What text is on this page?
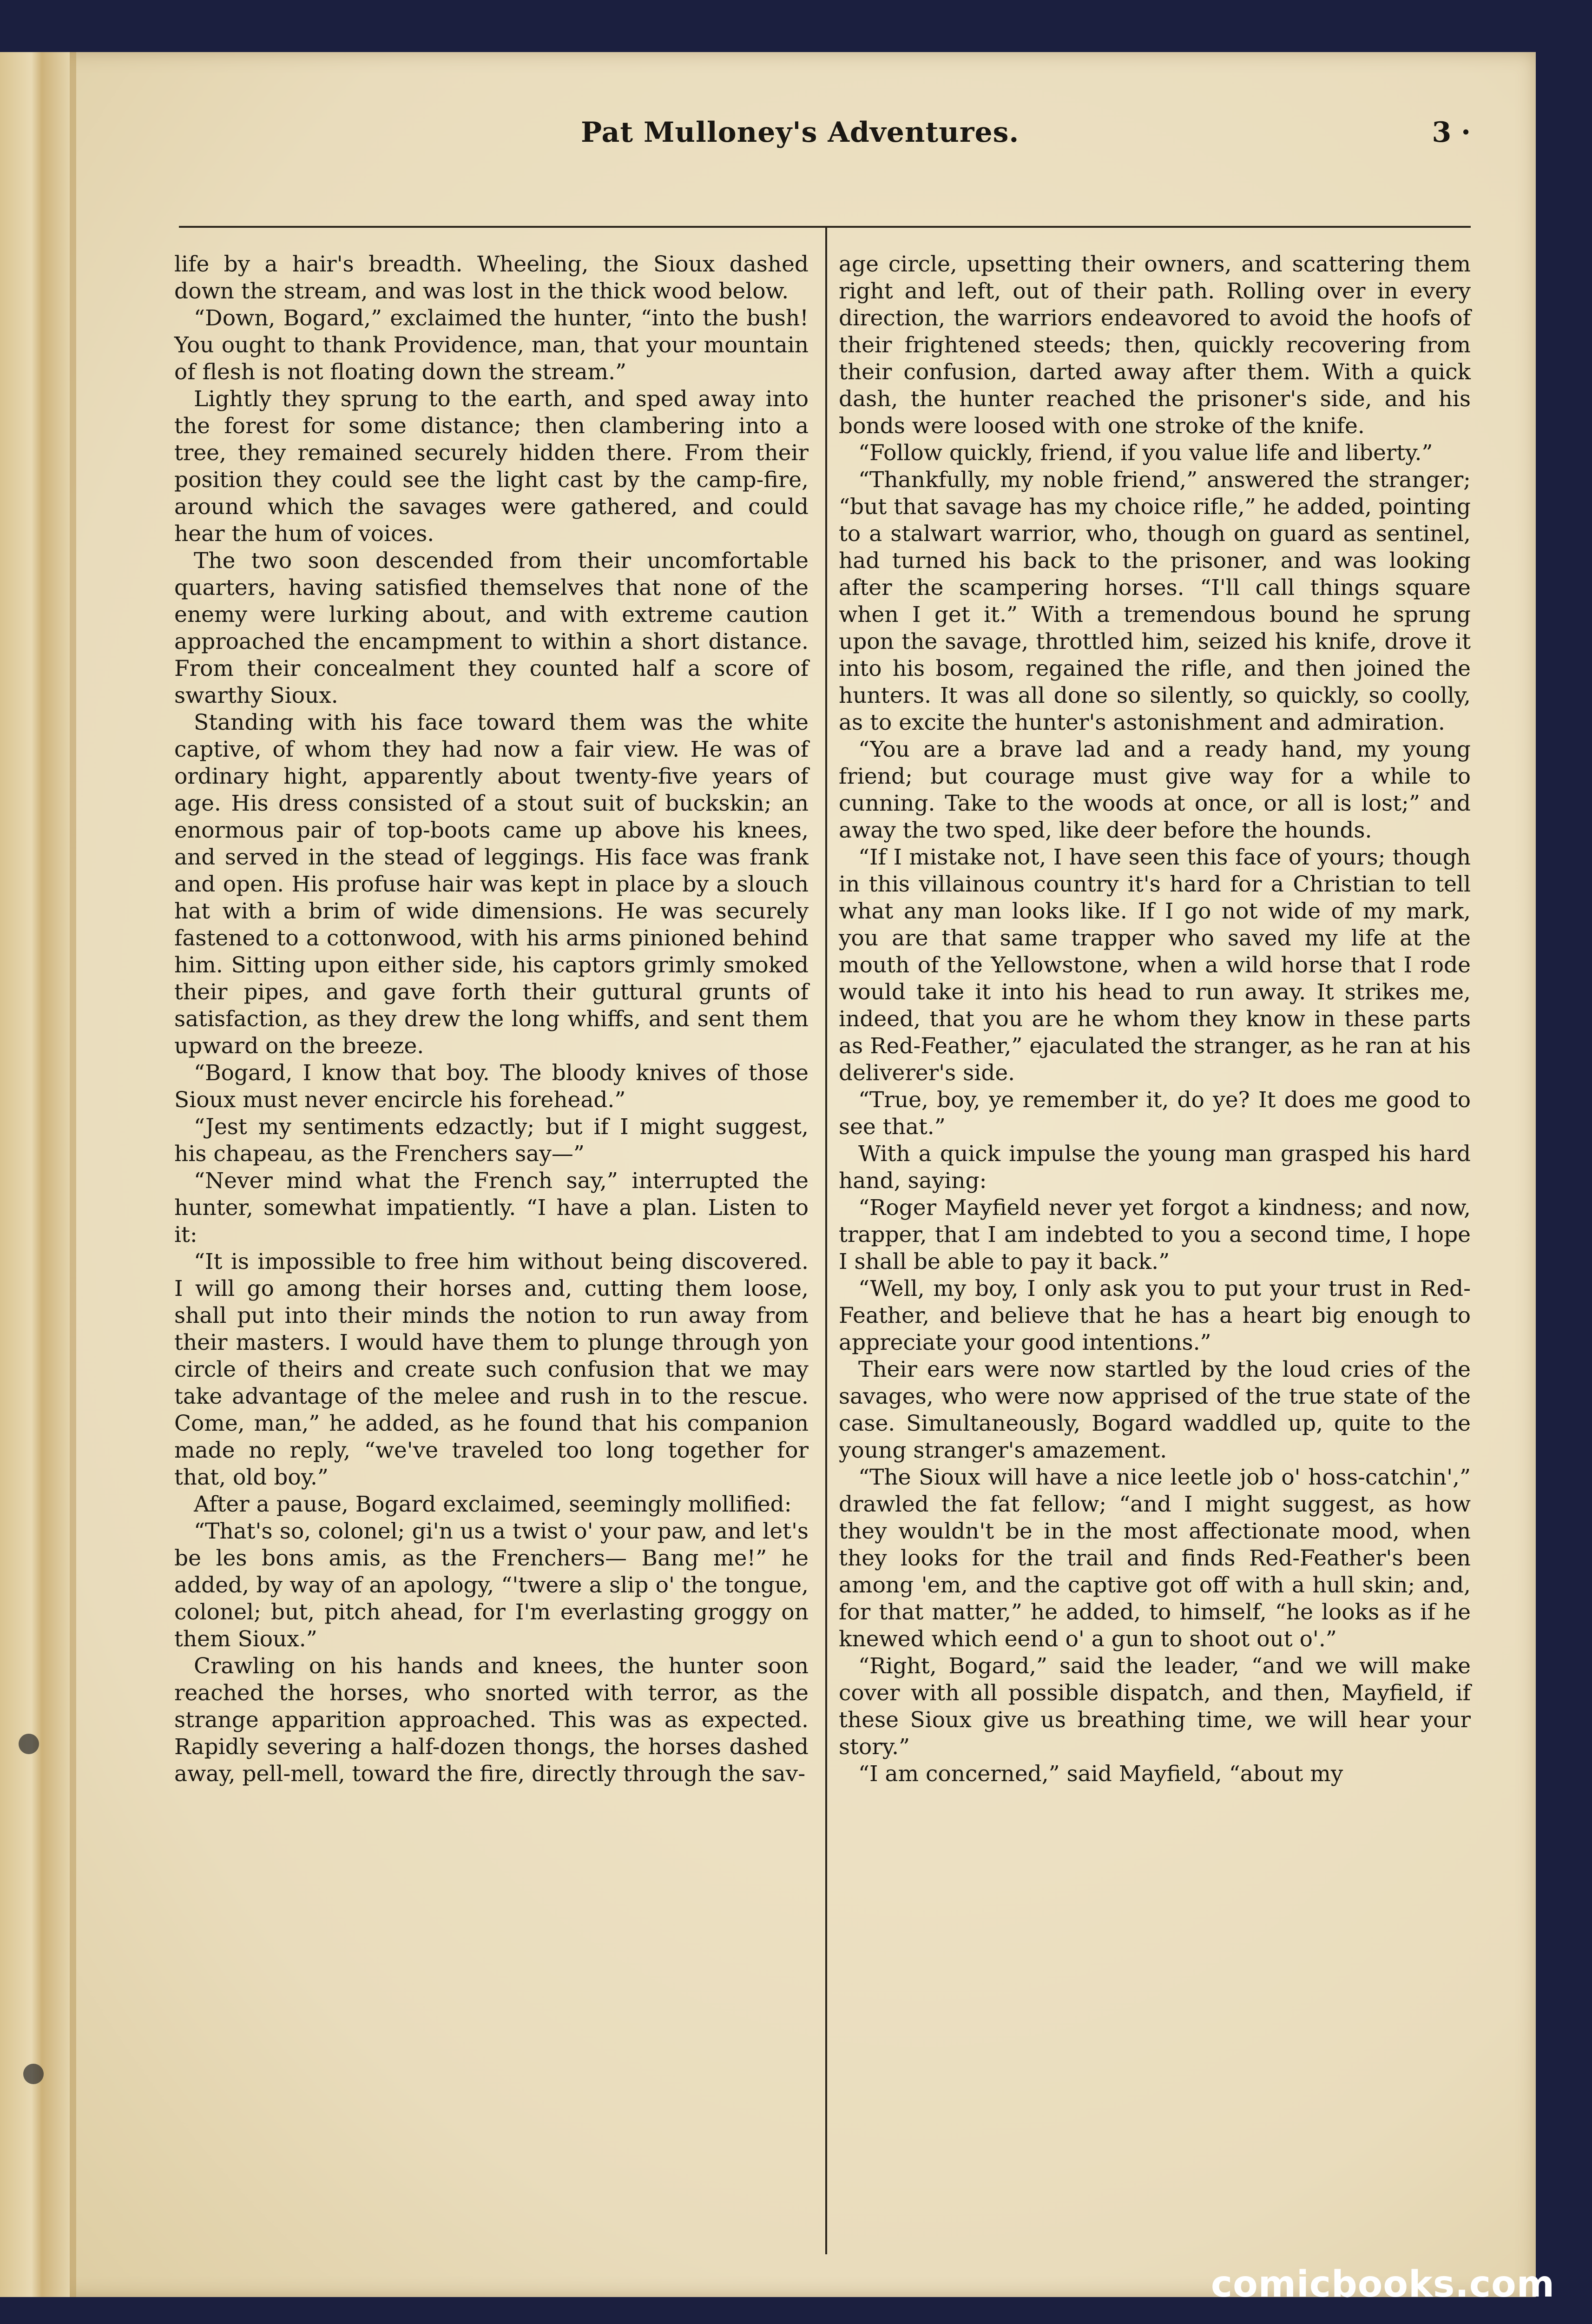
Pat Mulloney's Adventures.	3 ·

life by a hair's breadth. Wheeling, the Sioux dashed down the stream, and was lost in the thick wood below.

“Down, Bogard,” exclaimed the hunter, “into the bush! You ought to thank Providence, man, that your mountain of flesh is not floating down the stream.”

Lightly they sprung to the earth, and sped away into the forest for some distance; then clambering into a tree, they remained securely hidden there. From their position they could see the light cast by the camp-fire, around which the savages were gathered, and could hear the hum of voices.

The two soon descended from their uncomfortable quarters, having satisfied themselves that none of the enemy were lurking about, and with extreme caution approached the encampment to within a short distance. From their concealment they counted half a score of swarthy Sioux.

Standing with his face toward them was the white captive, of whom they had now a fair view. He was of ordinary hight, apparently about twenty-five years of age. His dress consisted of a stout suit of buckskin; an enormous pair of top-boots came up above his knees, and served in the stead of leggings. His face was frank and open. His profuse hair was kept in place by a slouch hat with a brim of wide dimensions. He was securely fastened to a cottonwood, with his arms pinioned behind him. Sitting upon either side, his captors grimly smoked their pipes, and gave forth their guttural grunts of satisfaction, as they drew the long whiffs, and sent them upward on the breeze.

“Bogard, I know that boy. The bloody knives of those Sioux must never encircle his forehead.”

“Jest my sentiments edzactly; but if I might suggest, his chapeau, as the Frenchers say—”

“Never mind what the French say,” interrupted the hunter, somewhat impatiently. “I have a plan. Listen to it:

“It is impossible to free him without being discovered. I will go among their horses and, cutting them loose, shall put into their minds the notion to run away from their masters. I would have them to plunge through yon circle of theirs and create such confusion that we may take advantage of the melee and rush in to the rescue. Come, man,” he added, as he found that his companion made no reply, “we've traveled too long together for that, old boy.”

After a pause, Bogard exclaimed, seemingly mollified:

“That's so, colonel; gi'n us a twist o' your paw, and let's be les bons amis, as the Frenchers— Bang me!” he added, by way of an apology, “'twere a slip o' the tongue, colonel; but, pitch ahead, for I'm everlasting groggy on them Sioux.”

Crawling on his hands and knees, the hunter soon reached the horses, who snorted with terror, as the strange apparition approached. This was as expected. Rapidly severing a half-dozen thongs, the horses dashed away, pell-mell, toward the fire, directly through the sav-

age circle, upsetting their owners, and scattering them right and left, out of their path. Rolling over in every direction, the warriors endeavored to avoid the hoofs of their frightened steeds; then, quickly recovering from their confusion, darted away after them. With a quick dash, the hunter reached the prisoner's side, and his bonds were loosed with one stroke of the knife.

“Follow quickly, friend, if you value life and liberty.”

“Thankfully, my noble friend,” answered the stranger; “but that savage has my choice rifle,” he added, pointing to a stalwart warrior, who, though on guard as sentinel, had turned his back to the prisoner, and was looking after the scampering horses. “I'll call things square when I get it.” With a tremendous bound he sprung upon the savage, throttled him, seized his knife, drove it into his bosom, regained the rifle, and then joined the hunters. It was all done so silently, so quickly, so coolly, as to excite the hunter's astonishment and admiration.

“You are a brave lad and a ready hand, my young friend; but courage must give way for a while to cunning. Take to the woods at once, or all is lost;” and away the two sped, like deer before the hounds.

“If I mistake not, I have seen this face of yours; though in this villainous country it's hard for a Christian to tell what any man looks like. If I go not wide of my mark, you are that same trapper who saved my life at the mouth of the Yellowstone, when a wild horse that I rode would take it into his head to run away. It strikes me, indeed, that you are he whom they know in these parts as Red-Feather,” ejaculated the stranger, as he ran at his deliverer's side.

“True, boy, ye remember it, do ye? It does me good to see that.”

With a quick impulse the young man grasped his hard hand, saying:

“Roger Mayfield never yet forgot a kindness; and now, trapper, that I am indebted to you a second time, I hope I shall be able to pay it back.”

“Well, my boy, I only ask you to put your trust in Red-Feather, and believe that he has a heart big enough to appreciate your good intentions.”

Their ears were now startled by the loud cries of the savages, who were now apprised of the true state of the case. Simultaneously, Bogard waddled up, quite to the young stranger's amazement.

“The Sioux will have a nice leetle job o' hoss-catchin',” drawled the fat fellow; “and I might suggest, as how they wouldn't be in the most affectionate mood, when they looks for the trail and finds Red-Feather's been among 'em, and the captive got off with a hull skin; and, for that matter,” he added, to himself, “he looks as if he knewed which eend o' a gun to shoot out o'.”

“Right, Bogard,” said the leader, “and we will make cover with all possible dispatch, and then, Mayfield, if these Sioux give us breathing time, we will hear your story.”

“I am concerned,” said Mayfield, “about my

comicbooks.com
